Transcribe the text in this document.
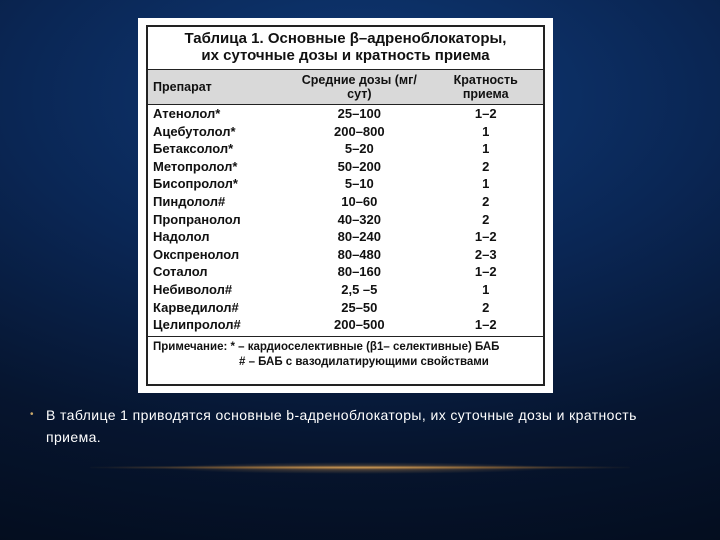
Таблица 1. Основные β–адреноблокаторы,
их суточные дозы и кратность приема
Препарат	Средние дозы (мг/сут)	Кратность приема
Атенолол*	25–100	1–2
Ацебутолол*	200–800	1
Бетаксолол*	5–20	1
Метопролол*	50–200	2
Бисопролол*	5–10	1
Пиндолол#	10–60	2
Пропранолол	40–320	2
Надолол	80–240	1–2
Окспренолол	80–480	2–3
Соталол	80–160	1–2
Небиволол#	2,5 –5	1
Карведилол#	25–50	2
Целипролол#	200–500	1–2
Примечание: * – кардиоселективные (β1– селективные) БАБ
# – БАБ с вазодилатирующими свойствами
• В таблице 1 приводятся основные b-адреноблокаторы, их суточные дозы и кратность приема.
